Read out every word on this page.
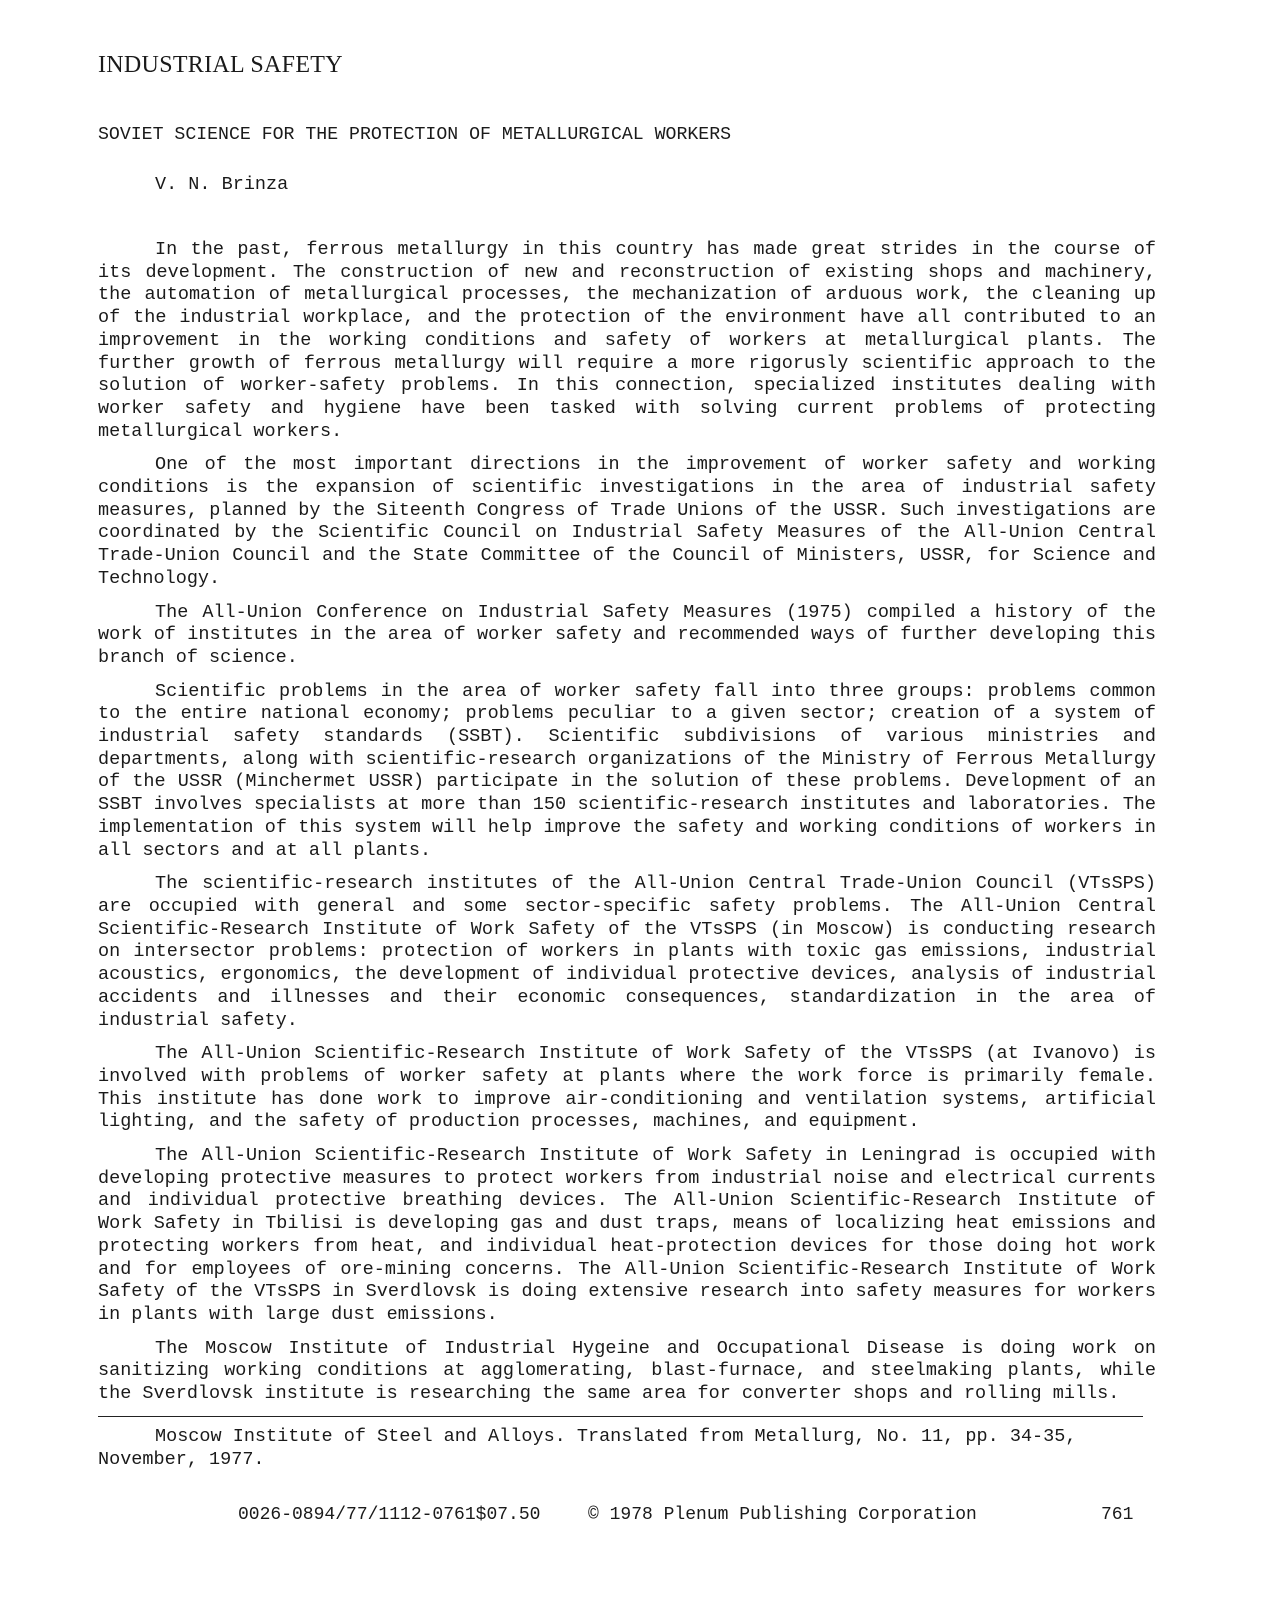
INDUSTRIAL SAFETY
SOVIET SCIENCE FOR THE PROTECTION OF METALLURGICAL WORKERS
V. N. Brinza

In the past, ferrous metallurgy in this country has made great strides in the course of its development. The construction of new and reconstruction of existing shops and machinery, the automation of metallurgical processes, the mechanization of arduous work, the cleaning up of the industrial workplace, and the protection of the environment have all contributed to an improvement in the working conditions and safety of workers at metallurgical plants. The further growth of ferrous metallurgy will require a more rigorusly scientific approach to the solution of worker-safety problems. In this connection, specialized institutes dealing with worker safety and hygiene have been tasked with solving current problems of protecting metallurgical workers.

One of the most important directions in the improvement of worker safety and working conditions is the expansion of scientific investigations in the area of industrial safety measures, planned by the Siteenth Congress of Trade Unions of the USSR. Such investigations are coordinated by the Scientific Council on Industrial Safety Measures of the All-Union Central Trade-Union Council and the State Committee of the Council of Ministers, USSR, for Science and Technology.

The All-Union Conference on Industrial Safety Measures (1975) compiled a history of the work of institutes in the area of worker safety and recommended ways of further developing this branch of science.

Scientific problems in the area of worker safety fall into three groups: problems common to the entire national economy; problems peculiar to a given sector; creation of a system of industrial safety standards (SSBT). Scientific subdivisions of various ministries and departments, along with scientific-research organizations of the Ministry of Ferrous Metallurgy of the USSR (Minchermet USSR) participate in the solution of these problems. Development of an SSBT involves specialists at more than 150 scientific-research institutes and laboratories. The implementation of this system will help improve the safety and working conditions of workers in all sectors and at all plants.

The scientific-research institutes of the All-Union Central Trade-Union Council (VTsSPS) are occupied with general and some sector-specific safety problems. The All-Union Central Scientific-Research Institute of Work Safety of the VTsSPS (in Moscow) is conducting research on intersector problems: protection of workers in plants with toxic gas emissions, industrial acoustics, ergonomics, the development of individual protective devices, analysis of industrial accidents and illnesses and their economic consequences, standardization in the area of industrial safety.

The All-Union Scientific-Research Institute of Work Safety of the VTsSPS (at Ivanovo) is involved with problems of worker safety at plants where the work force is primarily female. This institute has done work to improve air-conditioning and ventilation systems, artificial lighting, and the safety of production processes, machines, and equipment.

The All-Union Scientific-Research Institute of Work Safety in Leningrad is occupied with developing protective measures to protect workers from industrial noise and electrical currents and individual protective breathing devices. The All-Union Scientific-Research Institute of Work Safety in Tbilisi is developing gas and dust traps, means of localizing heat emissions and protecting workers from heat, and individual heat-protection devices for those doing hot work and for employees of ore-mining concerns. The All-Union Scientific-Research Institute of Work Safety of the VTsSPS in Sverdlovsk is doing extensive research into safety measures for workers in plants with large dust emissions.

The Moscow Institute of Industrial Hygeine and Occupational Disease is doing work on sanitizing working conditions at agglomerating, blast-furnace, and steelmaking plants, while the Sverdlovsk institute is researching the same area for converter shops and rolling mills.

Moscow Institute of Steel and Alloys. Translated from Metallurg, No. 11, pp. 34-35, November, 1977.

0026-0894/77/1112-0761$07.50	© 1978 Plenum Publishing Corporation	761
